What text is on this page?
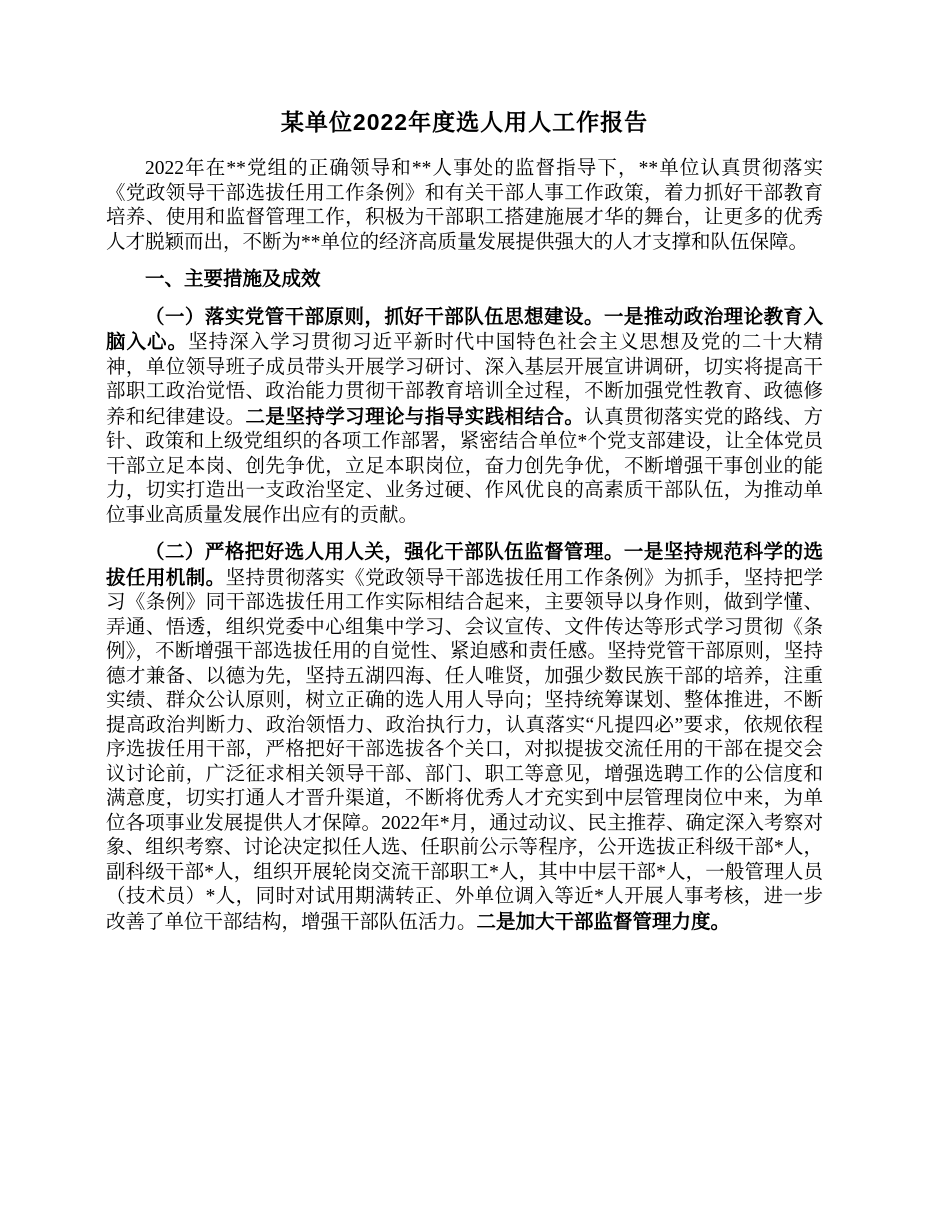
某单位2022年度选人用人工作报告

2022年在**党组的正确领导和**人事处的监督指导下，**单位认真贯彻落实《党政领导干部选拔任用工作条例》和有关干部人事工作政策，着力抓好干部教育培养、使用和监督管理工作，积极为干部职工搭建施展才华的舞台，让更多的优秀人才脱颖而出，不断为**单位的经济高质量发展提供强大的人才支撑和队伍保障。

一、主要措施及成效

（一）落实党管干部原则，抓好干部队伍思想建设。一是推动政治理论教育入脑入心。坚持深入学习贯彻习近平新时代中国特色社会主义思想及党的二十大精神，单位领导班子成员带头开展学习研讨、深入基层开展宣讲调研，切实将提高干部职工政治觉悟、政治能力贯彻干部教育培训全过程，不断加强党性教育、政德修养和纪律建设。二是坚持学习理论与指导实践相结合。认真贯彻落实党的路线、方针、政策和上级党组织的各项工作部署，紧密结合单位*个党支部建设，让全体党员干部立足本岗、创先争优，立足本职岗位，奋力创先争优，不断增强干事创业的能力，切实打造出一支政治坚定、业务过硬、作风优良的高素质干部队伍，为推动单位事业高质量发展作出应有的贡献。

（二）严格把好选人用人关，强化干部队伍监督管理。一是坚持规范科学的选拔任用机制。坚持贯彻落实《党政领导干部选拔任用工作条例》为抓手，坚持把学习《条例》同干部选拔任用工作实际相结合起来，主要领导以身作则，做到学懂、弄通、悟透，组织党委中心组集中学习、会议宣传、文件传达等形式学习贯彻《条例》，不断增强干部选拔任用的自觉性、紧迫感和责任感。坚持党管干部原则，坚持德才兼备、以德为先，坚持五湖四海、任人唯贤，加强少数民族干部的培养，注重实绩、群众公认原则，树立正确的选人用人导向；坚持统筹谋划、整体推进，不断提高政治判断力、政治领悟力、政治执行力，认真落实“凡提四必”要求，依规依程序选拔任用干部，严格把好干部选拔各个关口，对拟提拔交流任用的干部在提交会议讨论前，广泛征求相关领导干部、部门、职工等意见，增强选聘工作的公信度和满意度，切实打通人才晋升渠道，不断将优秀人才充实到中层管理岗位中来，为单位各项事业发展提供人才保障。2022年*月，通过动议、民主推荐、确定深入考察对象、组织考察、讨论决定拟任人选、任职前公示等程序，公开选拔正科级干部*人，副科级干部*人，组织开展轮岗交流干部职工*人，其中中层干部*人，一般管理人员（技术员）*人，同时对试用期满转正、外单位调入等近*人开展人事考核，进一步改善了单位干部结构，增强干部队伍活力。二是加大干部监督管理力度。
